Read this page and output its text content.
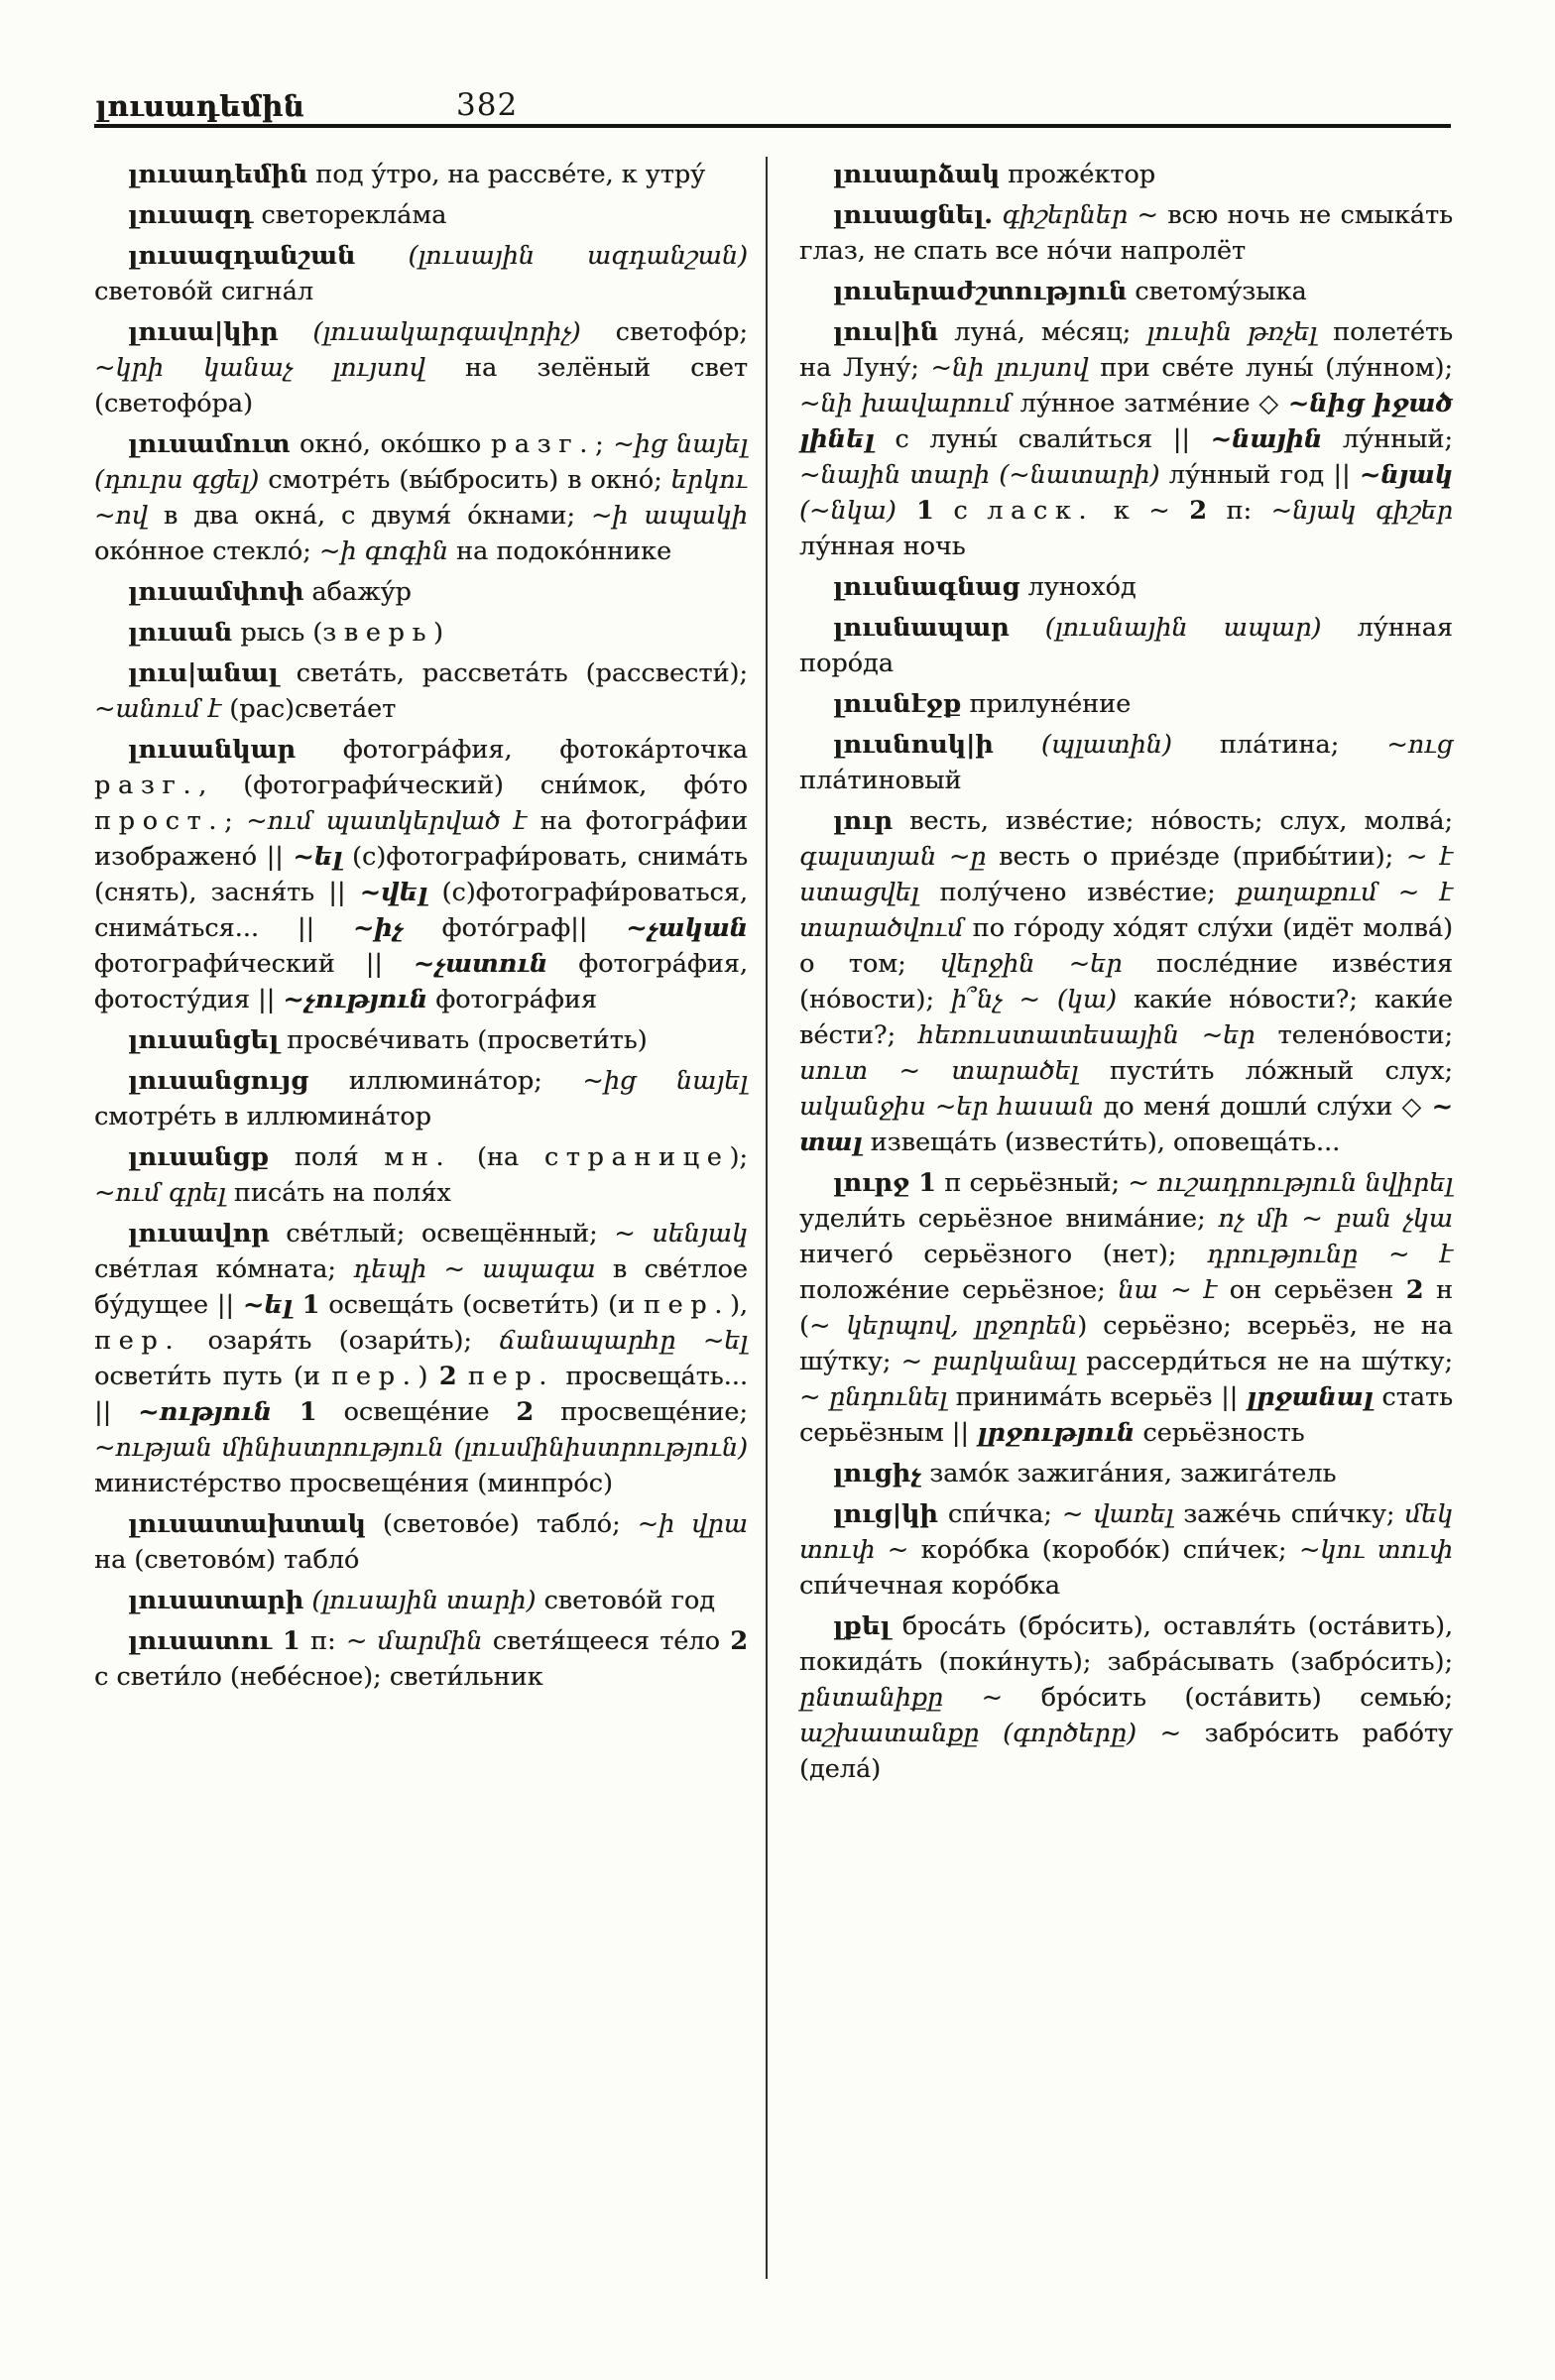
լուսադեմին	382

լուսադեմին под у́тро, на рассве́те, к утру́

լուսազդ светорекла́ма

լուսազդանշան (լուսային ազդանշան) светово́й сигна́л

լուսա|կիր (լուսակարգավորիչ) светофо́р; ~կրի կանաչ լույսով на зелёный свет (светофо́ра)

լուսամուտ окно́, око́шко разг.; ~ից նայել (դուրս գցել) смотре́ть (вы́бросить) в окно́; երկու ~ով в два окна́, с двумя́ о́кнами; ~ի ապակի око́нное стекло́; ~ի գոգին на подоко́ннике

լուսամփոփ абажу́р

լուսան рысь (зверь)

լուս|անալ света́ть, рассвета́ть (рассвести́); ~անում է (рас)света́ет

լուսանկար фотогра́фия, фотока́рточка разг., (фотографи́ческий) сни́мок, фо́то прост.; ~ում պատկերված է на фотогра́фии изображено́ || ~ել (с)фотографи́ровать, снима́ть (снять), засня́ть || ~վել (с)фотографи́роваться, снима́ться... || ~իչ фото́граф|| ~չական фотографи́ческий || ~չատուն фотогра́фия, фотосту́дия || ~չություն фотогра́фия

լուսանցել просве́чивать (просвети́ть)

լուսանցույց иллюмина́тор; ~ից նայել смотре́ть в иллюмина́тор

լուսանցք поля́ мн. (на странице); ~ում գրել писа́ть на поля́х

լուսավոր све́тлый; освещённый; ~ սենյակ све́тлая ко́мната; դեպի ~ ապագա в све́тлое бу́дущее || ~ել 1 освеща́ть (освети́ть) (и пер.), пер. озаря́ть (озари́ть); ճանապարհը ~ել освети́ть путь (и пер.) 2 пер. просвеща́ть... || ~ություն 1 освеще́ние 2 просвеще́ние; ~ության մինիստրություն (լուսմինիստրություն) министе́рство просвеще́ния (минпро́с)

լուսատախտակ (светово́е) табло́; ~ի վրա на (светово́м) табло́

լուսատարի (լուսային տարի) светово́й год

լուսատու 1 п: ~ մարմին светя́щееся те́ло 2 с свети́ло (небе́сное); свети́льник

լուսարձակ проже́ктор

լուսացնել. գիշերներ ~ всю ночь не смыка́ть глаз, не спать все но́чи напролёт

լուսերաժշտություն светому́зыка

լուս|ին луна́, ме́сяц; լուսին թռչել полете́ть на Луну́; ~նի լույսով при све́те луны́ (лу́нном); ~նի խավարում лу́нное затме́ние ◇ ~նից իջած լինել с луны́ свали́ться || ~նային лу́нный; ~նային տարի (~նատարի) лу́нный год || ~նյակ (~նկա) 1 с ласк. к ~ 2 п: ~նյակ գիշեր лу́нная ночь

լուսնագնաց лунохо́д

լուսնապար (լուսնային ապար) лу́нная поро́да

լուսնէջք прилуне́ние

լուսնոսկ|ի (պլատին) пла́тина; ~ուց пла́тиновый

լուր весть, изве́стие; но́вость; слух, молва́; գալստյան ~ը весть о прие́зде (прибы́тии); ~ է ստացվել полу́чено изве́стие; քաղաքում ~ է տարածվում по го́роду хо́дят слу́хи (идёт молва́) о том; վերջին ~եր после́дние изве́стия (но́вости); ի՞նչ ~ (կա) каки́е но́вости?; каки́е ве́сти?; հեռուստատեսային ~եր телено́вости; սուտ ~ տարածել пусти́ть ло́жный слух; ականջիս ~եր հասան до меня́ дошли́ слу́хи ◇ ~ տալ извеща́ть (извести́ть), оповеща́ть...

լուրջ 1 п серьёзный; ~ ուշադրություն նվիրել удели́ть серьёзное внима́ние; ոչ մի ~ բան չկա ничего́ серьёзного (нет); դրությունը ~ է положе́ние серьёзное; նա ~ է он серьёзен 2 н (~ կերպով, լրջորեն) серьёзно; всерьёз, не на шу́тку; ~ բարկանալ рассерди́ться не на шу́тку; ~ ընդունել принима́ть всерьёз || լրջանալ стать серьёзным || լրջություն серьёзность

լուցիչ замо́к зажига́ния, зажига́тель

լուց|կի спи́чка; ~ վառել заже́чь спи́чку; մեկ տուփ ~ коро́бка (коробо́к) спи́чек; ~կու տուփ спи́чечная коро́бка

լքել броса́ть (бро́сить), оставля́ть (оста́вить), покида́ть (поки́нуть); забра́сывать (забро́сить); ընտանիքը ~ бро́сить (оста́вить) семью́; աշխատանքը (գործերը) ~ забро́сить рабо́ту (дела́)
